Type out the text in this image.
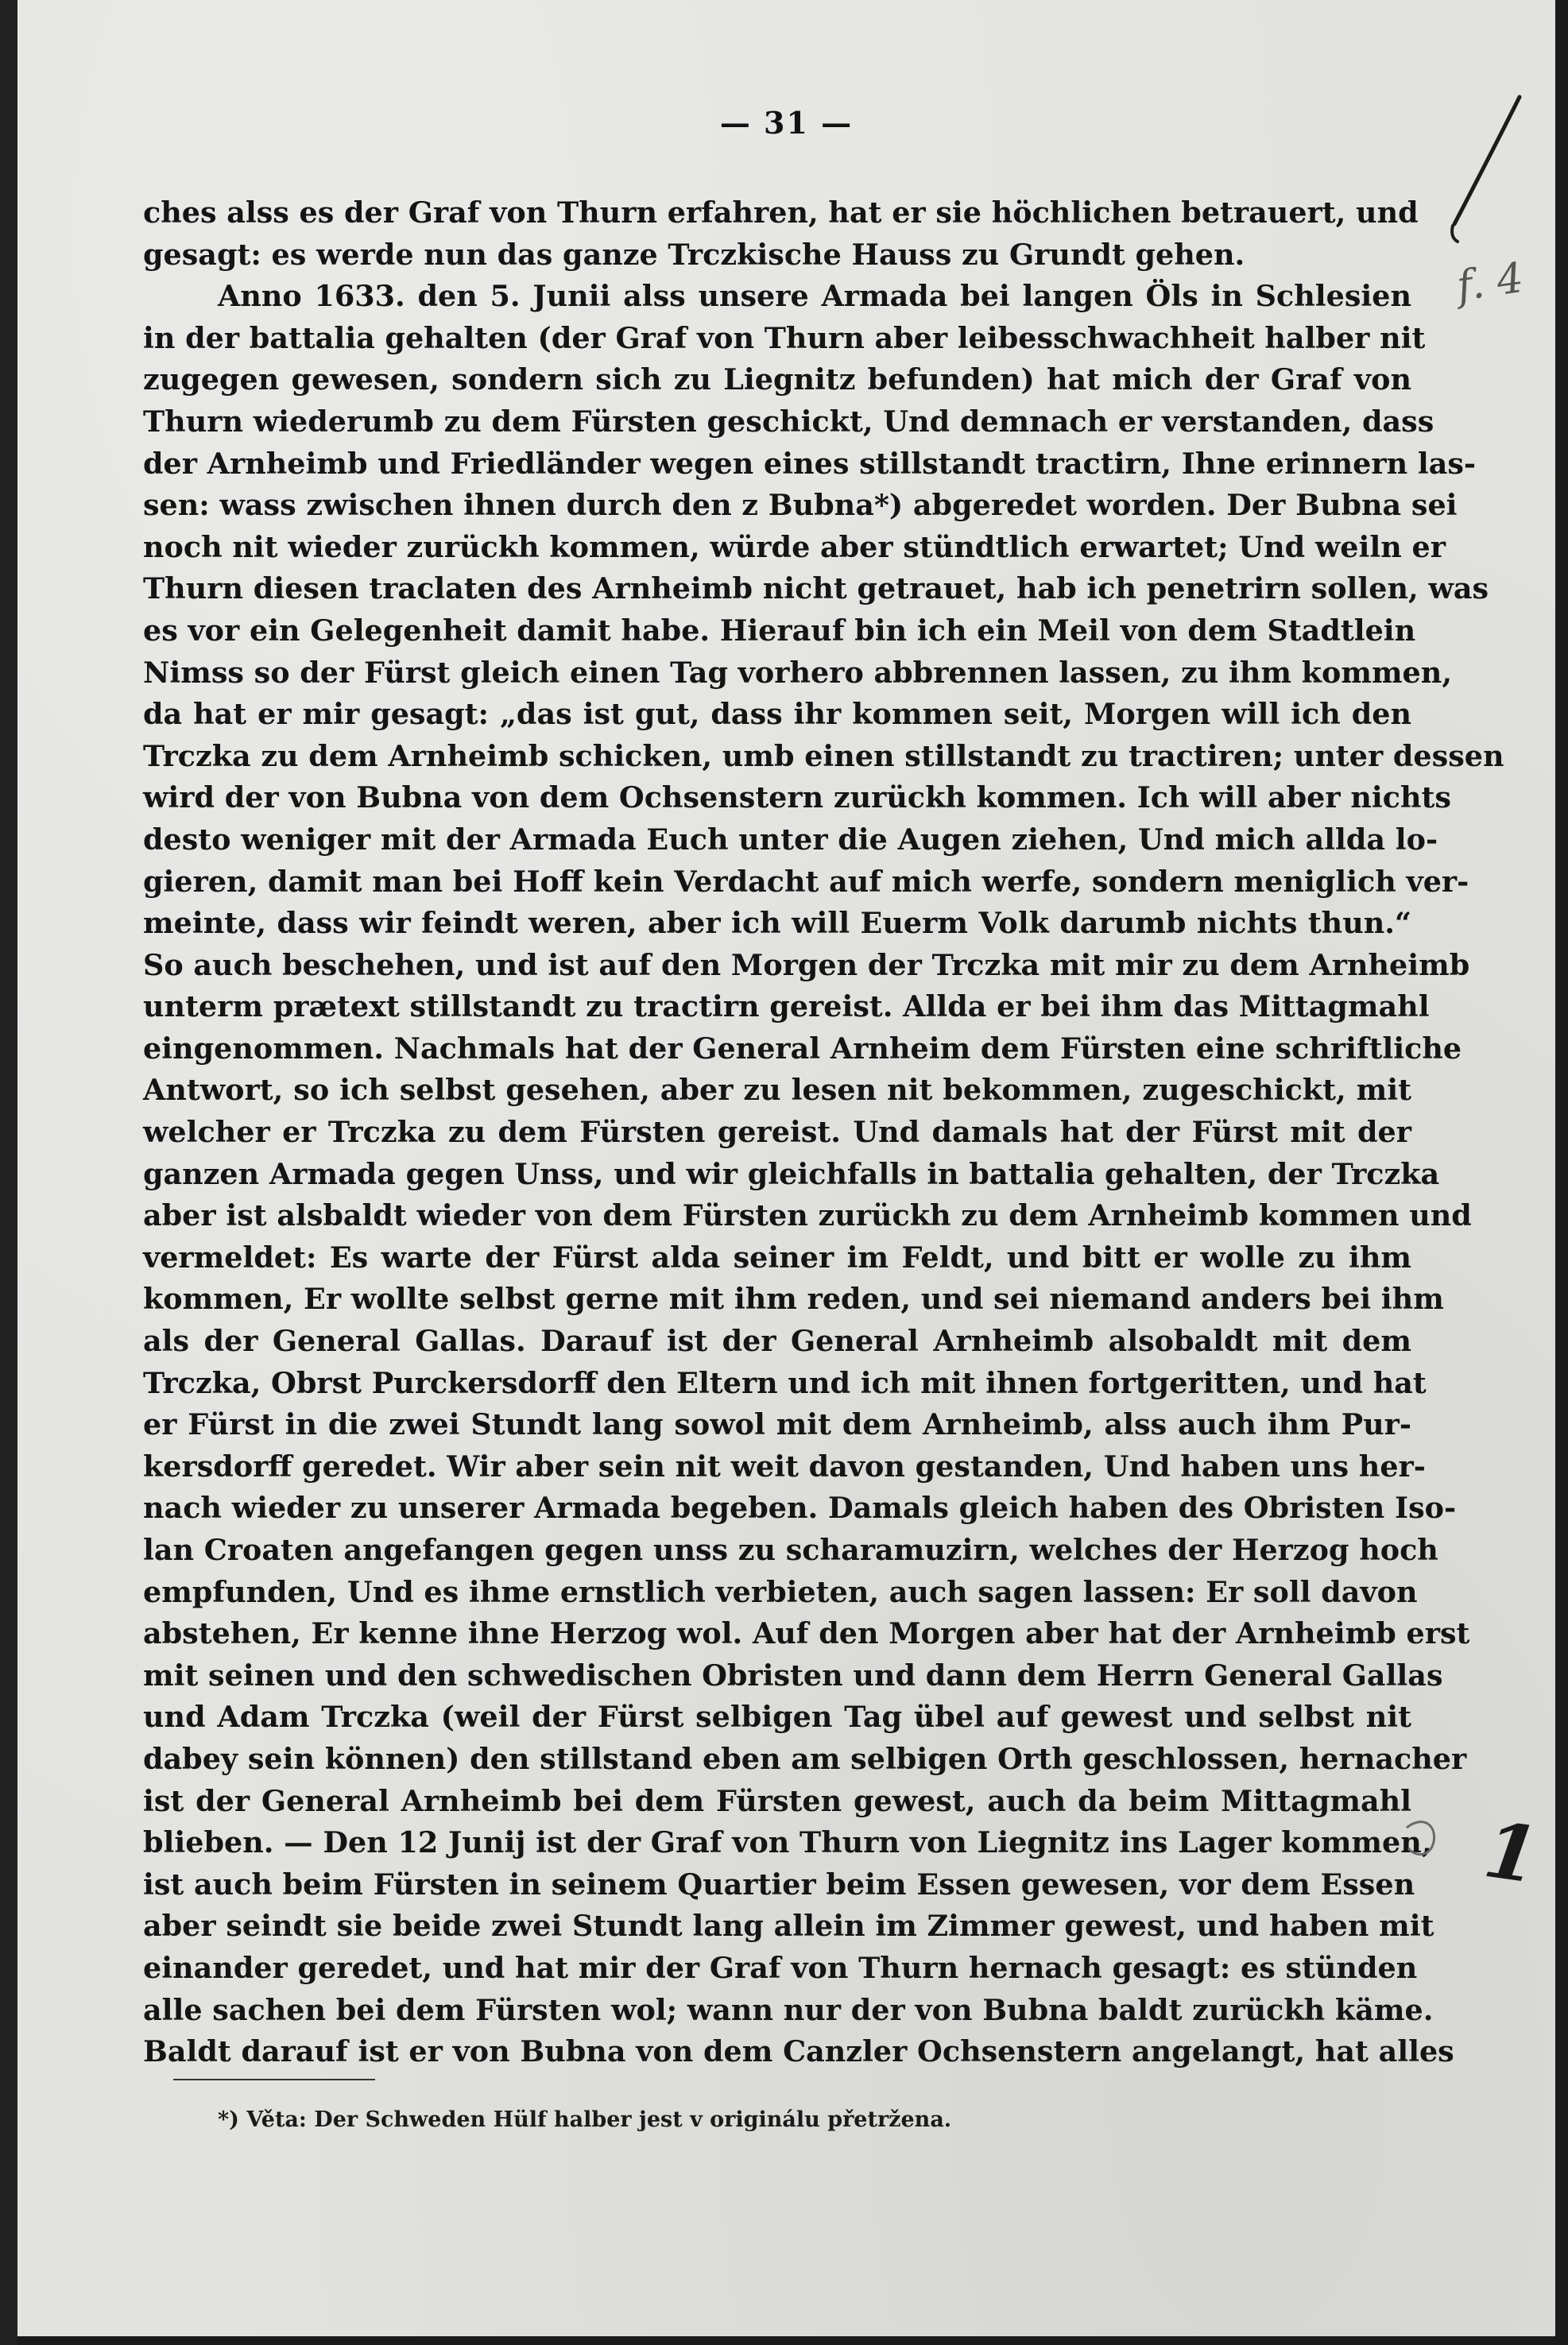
— 31 —
ches alss es der Graf von Thurn erfahren, hat er sie höchlichen betrauert, und
gesagt: es werde nun das ganze Trczkische Hauss zu Grundt gehen.
Anno 1633. den 5. Junii alss unsere Armada bei langen Öls in Schlesien
in der battalia gehalten (der Graf von Thurn aber leibesschwachheit halber nit
zugegen gewesen, sondern sich zu Liegnitz befunden) hat mich der Graf von
Thurn wiederumb zu dem Fürsten geschickt, Und demnach er verstanden, dass
der Arnheimb und Friedländer wegen eines stillstandt tractirn, Ihne erinnern las-
sen: wass zwischen ihnen durch den z Bubna*) abgeredet worden. Der Bubna sei
noch nit wieder zurückh kommen, würde aber stündtlich erwartet; Und weiln er
Thurn diesen traclaten des Arnheimb nicht getrauet, hab ich penetrirn sollen, was
es vor ein Gelegenheit damit habe. Hierauf bin ich ein Meil von dem Stadtlein
Nimss so der Fürst gleich einen Tag vorhero abbrennen lassen, zu ihm kommen,
da hat er mir gesagt: „das ist gut, dass ihr kommen seit, Morgen will ich den
Trczka zu dem Arnheimb schicken, umb einen stillstandt zu tractiren; unter dessen
wird der von Bubna von dem Ochsenstern zurückh kommen. Ich will aber nichts
desto weniger mit der Armada Euch unter die Augen ziehen, Und mich allda lo-
gieren, damit man bei Hoff kein Verdacht auf mich werfe, sondern meniglich ver-
meinte, dass wir feindt weren, aber ich will Euerm Volk darumb nichts thun.“
So auch beschehen, und ist auf den Morgen der Trczka mit mir zu dem Arnheimb
unterm prætext stillstandt zu tractirn gereist. Allda er bei ihm das Mittagmahl
eingenommen. Nachmals hat der General Arnheim dem Fürsten eine schriftliche
Antwort, so ich selbst gesehen, aber zu lesen nit bekommen, zugeschickt, mit
welcher er Trczka zu dem Fürsten gereist. Und damals hat der Fürst mit der
ganzen Armada gegen Unss, und wir gleichfalls in battalia gehalten, der Trczka
aber ist alsbaldt wieder von dem Fürsten zurückh zu dem Arnheimb kommen und
vermeldet: Es warte der Fürst alda seiner im Feldt, und bitt er wolle zu ihm
kommen, Er wollte selbst gerne mit ihm reden, und sei niemand anders bei ihm
als der General Gallas. Darauf ist der General Arnheimb alsobaldt mit dem
Trczka, Obrst Purckersdorff den Eltern und ich mit ihnen fortgeritten, und hat
er Fürst in die zwei Stundt lang sowol mit dem Arnheimb, alss auch ihm Pur-
kersdorff geredet. Wir aber sein nit weit davon gestanden, Und haben uns her-
nach wieder zu unserer Armada begeben. Damals gleich haben des Obristen Iso-
lan Croaten angefangen gegen unss zu scharamuzirn, welches der Herzog hoch
empfunden, Und es ihme ernstlich verbieten, auch sagen lassen: Er soll davon
abstehen, Er kenne ihne Herzog wol. Auf den Morgen aber hat der Arnheimb erst
mit seinen und den schwedischen Obristen und dann dem Herrn General Gallas
und Adam Trczka (weil der Fürst selbigen Tag übel auf gewest und selbst nit
dabey sein können) den stillstand eben am selbigen Orth geschlossen, hernacher
ist der General Arnheimb bei dem Fürsten gewest, auch da beim Mittagmahl
blieben. — Den 12 Junij ist der Graf von Thurn von Liegnitz ins Lager kommen,
ist auch beim Fürsten in seinem Quartier beim Essen gewesen, vor dem Essen
aber seindt sie beide zwei Stundt lang allein im Zimmer gewest, und haben mit
einander geredet, und hat mir der Graf von Thurn hernach gesagt: es stünden
alle sachen bei dem Fürsten wol; wann nur der von Bubna baldt zurückh käme.
Baldt darauf ist er von Bubna von dem Canzler Ochsenstern angelangt, hat alles
*) Věta: Der Schweden Hülf halber jest v originálu přetržena.
f. 4
1
